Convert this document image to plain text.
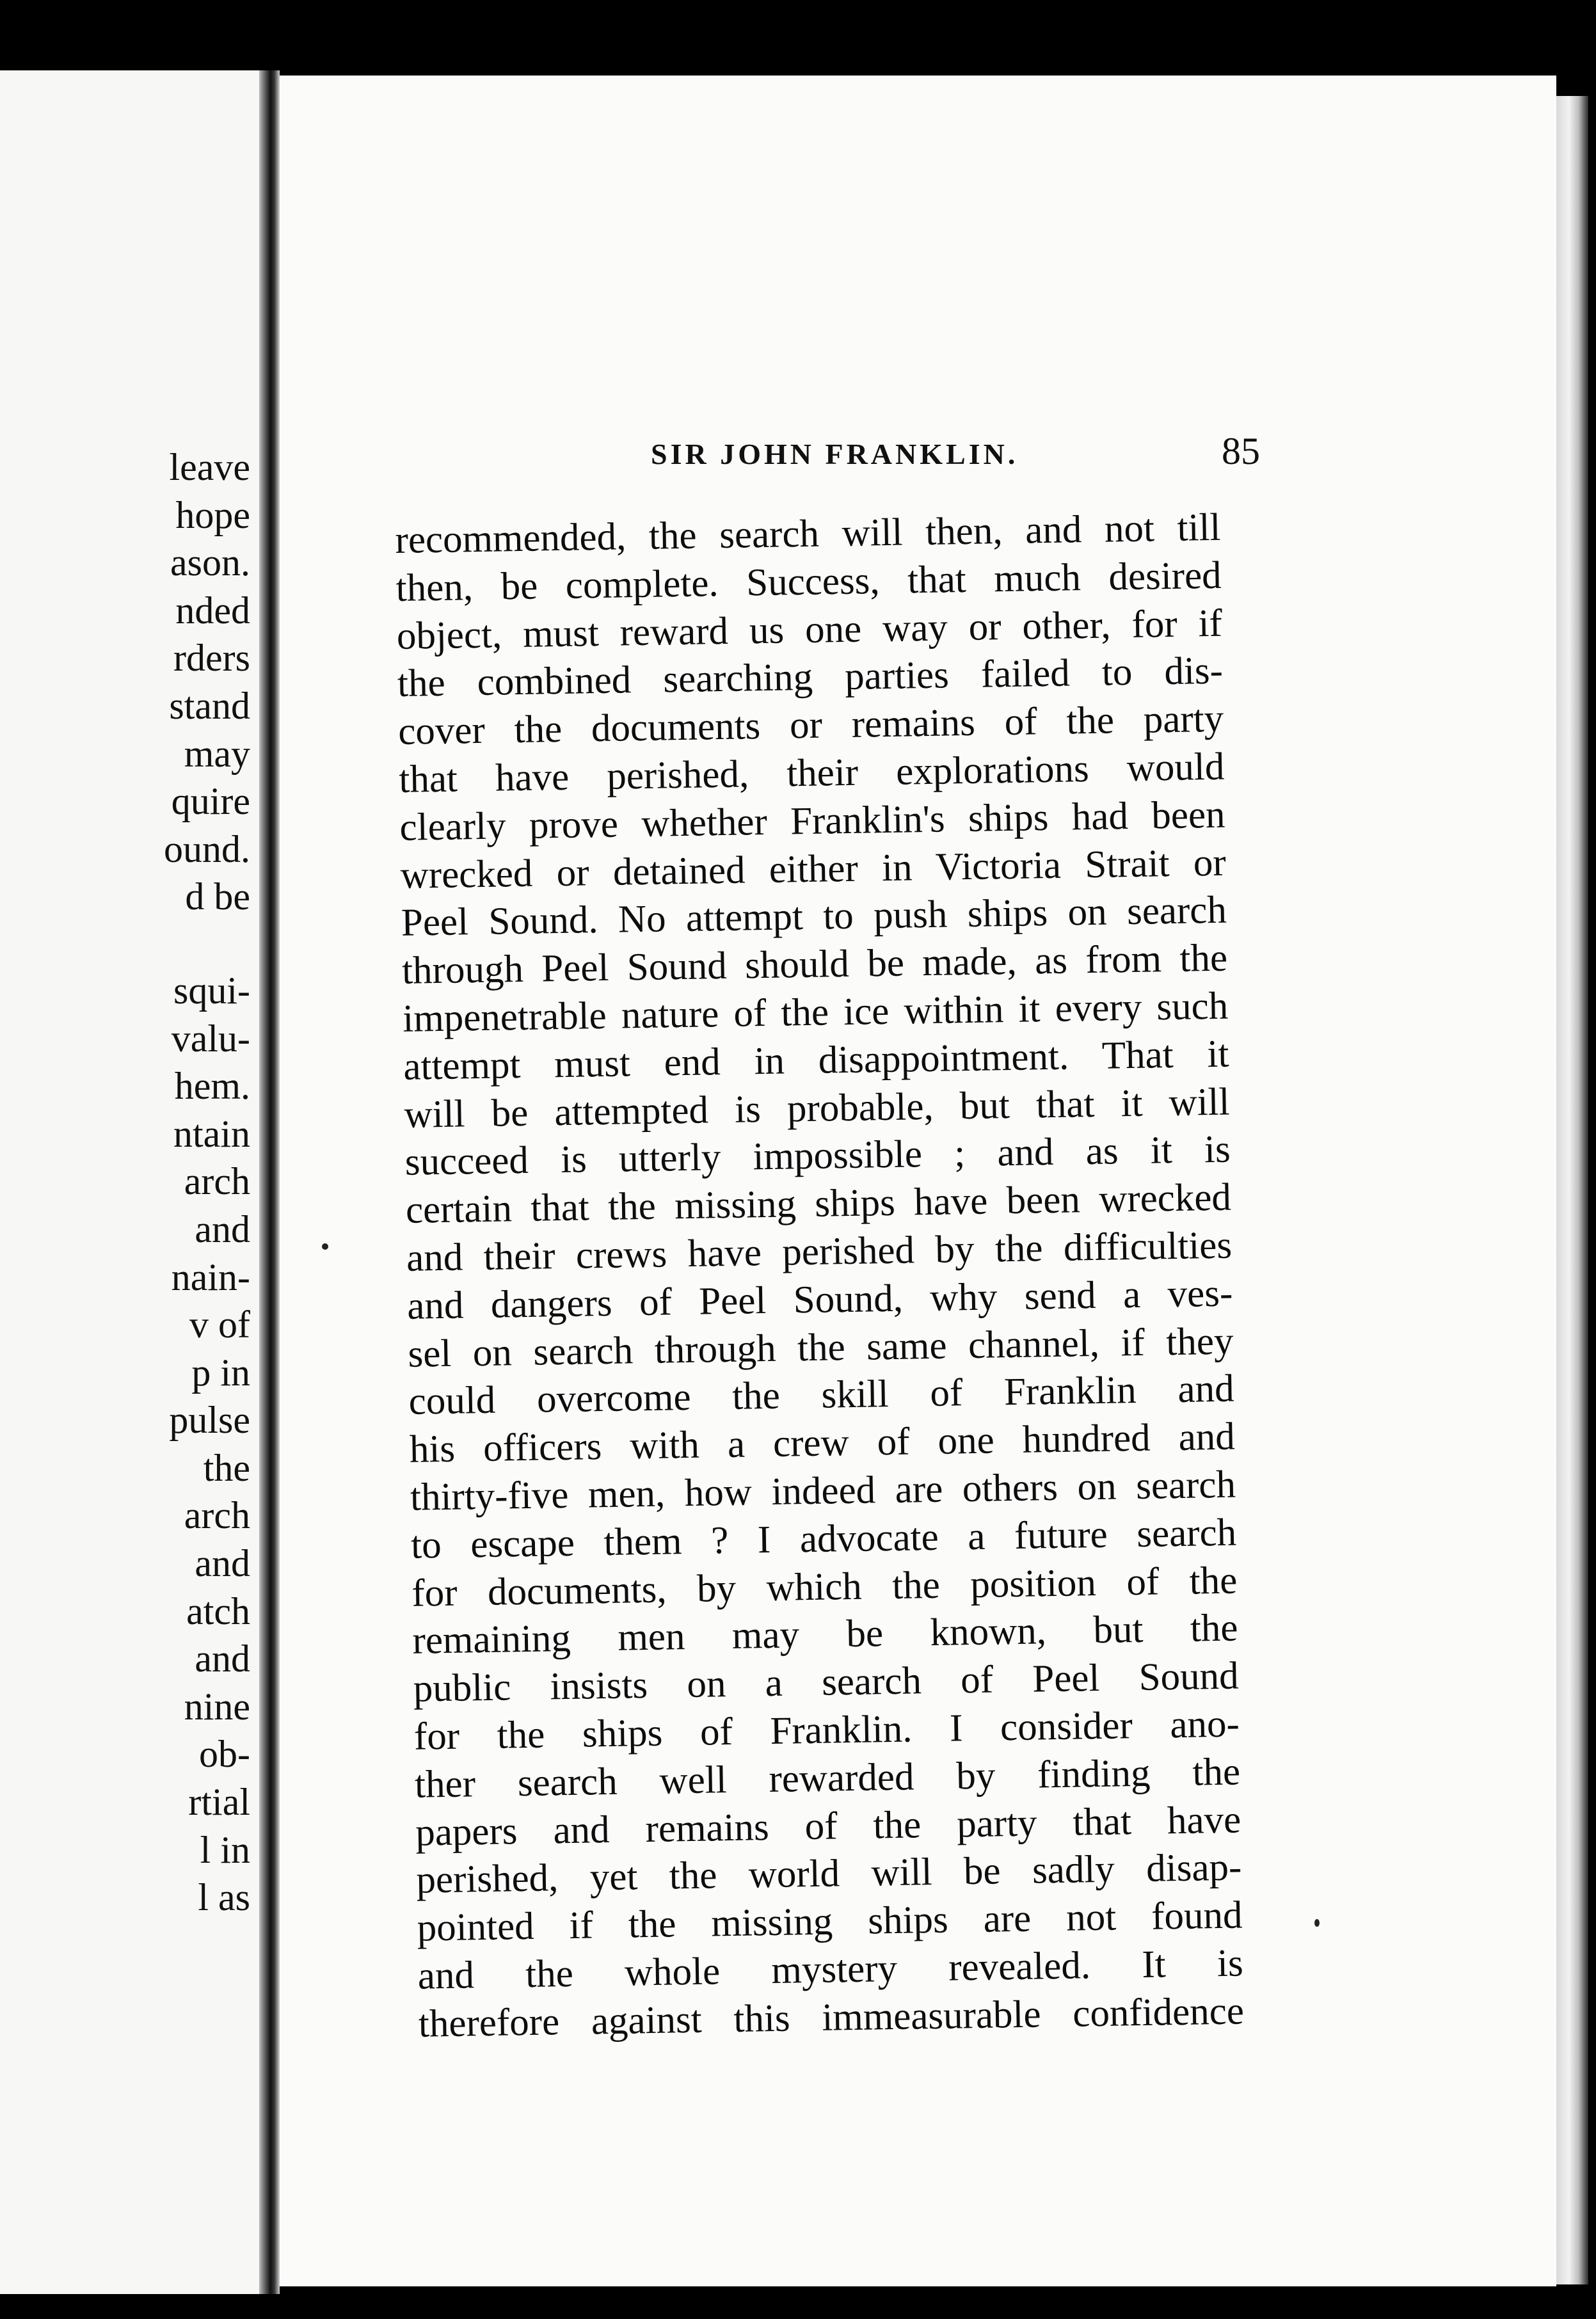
leave
hope
ason.
nded
rders
stand
may
quire
ound.
d be
squi-
valu-
hem.
ntain
arch
and
nain-
v of
p in
pulse
the
arch
and
atch
and
nine
ob-
rtial
l in
l as
SIR JOHN FRANKLIN.	85
recommended, the search will then, and not till
then, be complete. Success, that much desired
object, must reward us one way or other, for if
the combined searching parties failed to dis-
cover the documents or remains of the party
that have perished, their explorations would
clearly prove whether Franklin's ships had been
wrecked or detained either in Victoria Strait or
Peel Sound. No attempt to push ships on search
through Peel Sound should be made, as from the
impenetrable nature of the ice within it every such
attempt must end in disappointment. That it
will be attempted is probable, but that it will
succeed is utterly impossible ; and as it is
certain that the missing ships have been wrecked
and their crews have perished by the difficulties
and dangers of Peel Sound, why send a ves-
sel on search through the same channel, if they
could overcome the skill of Franklin and
his officers with a crew of one hundred and
thirty-five men, how indeed are others on search
to escape them ? I advocate a future search
for documents, by which the position of the
remaining men may be known, but the
public insists on a search of Peel Sound
for the ships of Franklin. I consider ano-
ther search well rewarded by finding the
papers and remains of the party that have
perished, yet the world will be sadly disap-
pointed if the missing ships are not found
and the whole mystery revealed. It is
therefore against this immeasurable confidence
